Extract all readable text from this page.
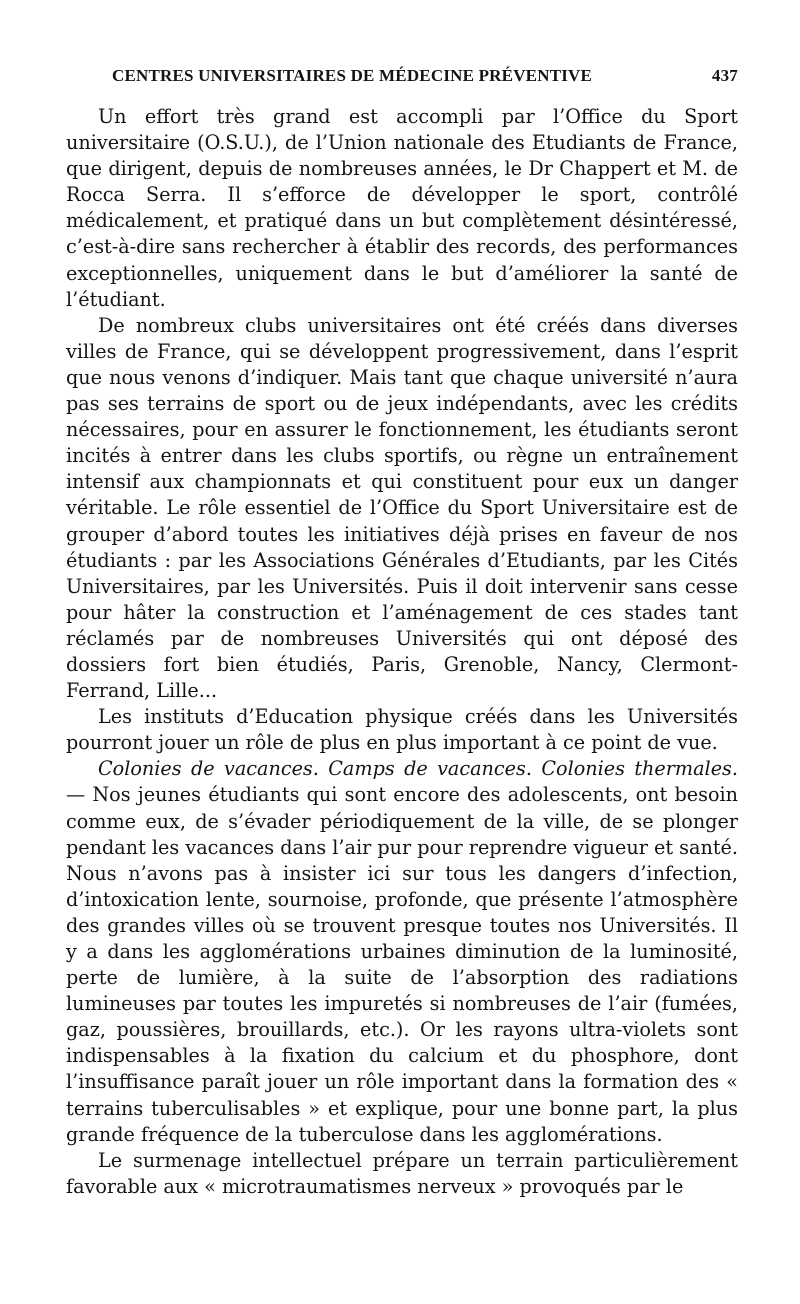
CENTRES UNIVERSITAIRES DE MÉDECINE PRÉVENTIVE	437

Un effort très grand est accompli par l’Office du Sport universitaire (O.S.U.), de l’Union nationale des Etudiants de France, que dirigent, depuis de nombreuses années, le Dr Chappert et M. de Rocca Serra. Il s’efforce de développer le sport, contrôlé médicalement, et pratiqué dans un but complètement désintéressé, c’est-à-dire sans rechercher à établir des records, des performances exceptionnelles, uniquement dans le but d’améliorer la santé de l’étudiant.

De nombreux clubs universitaires ont été créés dans diverses villes de France, qui se développent progressivement, dans l’esprit que nous venons d’indiquer. Mais tant que chaque université n’aura pas ses terrains de sport ou de jeux indépendants, avec les crédits nécessaires, pour en assurer le fonctionnement, les étudiants seront incités à entrer dans les clubs sportifs, ou règne un entraînement intensif aux championnats et qui constituent pour eux un danger véritable. Le rôle essentiel de l’Office du Sport Universitaire est de grouper d’abord toutes les initiatives déjà prises en faveur de nos étudiants : par les Associations Générales d’Etudiants, par les Cités Universitaires, par les Universités. Puis il doit intervenir sans cesse pour hâter la construction et l’aménagement de ces stades tant réclamés par de nombreuses Universités qui ont déposé des dossiers fort bien étudiés, Paris, Grenoble, Nancy, Clermont-Ferrand, Lille...

Les instituts d’Education physique créés dans les Universités pourront jouer un rôle de plus en plus important à ce point de vue.

Colonies de vacances. Camps de vacances. Colonies thermales. — Nos jeunes étudiants qui sont encore des adolescents, ont besoin comme eux, de s’évader périodiquement de la ville, de se plonger pendant les vacances dans l’air pur pour reprendre vigueur et santé. Nous n’avons pas à insister ici sur tous les dangers d’infection, d’intoxication lente, sournoise, profonde, que présente l’atmosphère des grandes villes où se trouvent presque toutes nos Universités. Il y a dans les agglomérations urbaines diminution de la luminosité, perte de lumière, à la suite de l’absorption des radiations lumineuses par toutes les impuretés si nombreuses de l’air (fumées, gaz, poussières, brouillards, etc.). Or les rayons ultra-violets sont indispensables à la fixation du calcium et du phosphore, dont l’insuffisance paraît jouer un rôle important dans la formation des « terrains tuberculisables » et explique, pour une bonne part, la plus grande fréquence de la tuberculose dans les agglomérations.

Le surmenage intellectuel prépare un terrain particulièrement favorable aux « microtraumatismes nerveux » provoqués par le
